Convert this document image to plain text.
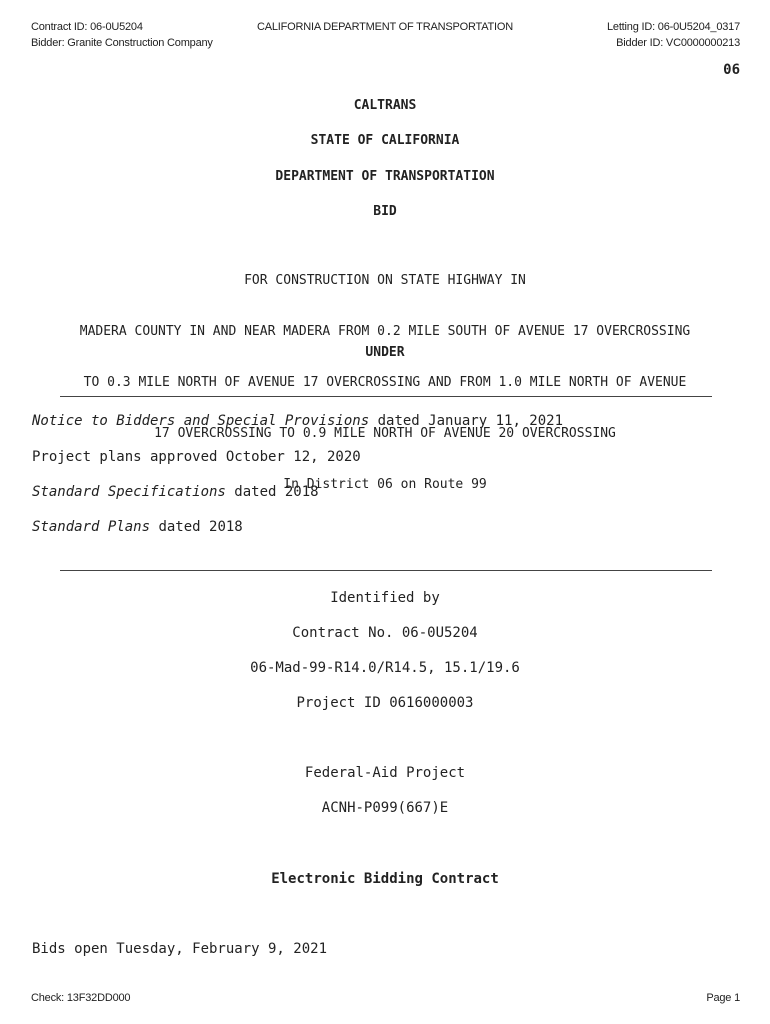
Contract ID: 06-0U5204
Bidder: Granite Construction Company
CALIFORNIA DEPARTMENT OF TRANSPORTATION	Letting ID: 06-0U5204_0317
Bidder ID: VC0000000213
06
CALTRANS
STATE OF CALIFORNIA
DEPARTMENT OF TRANSPORTATION
BID

FOR CONSTRUCTION ON STATE HIGHWAY IN

MADERA COUNTY IN AND NEAR MADERA FROM 0.2 MILE SOUTH OF AVENUE 17 OVERCROSSING

TO 0.3 MILE NORTH OF AVENUE 17 OVERCROSSING AND FROM 1.0 MILE NORTH OF AVENUE

17 OVERCROSSING TO 0.9 MILE NORTH OF AVENUE 20 OVERCROSSING

In District 06 on Route 99

UNDER
Notice to Bidders and Special Provisions dated January 11, 2021
Project plans approved October 12, 2020
Standard Specifications dated 2018
Standard Plans dated 2018
Identified by
Contract No. 06-0U5204
06-Mad-99-R14.0/R14.5, 15.1/19.6
Project ID 0616000003
Federal-Aid Project
ACNH-P099(667)E
Electronic Bidding Contract
Bids open Tuesday, February 9, 2021
Check: 13F32DD000	Page 1
